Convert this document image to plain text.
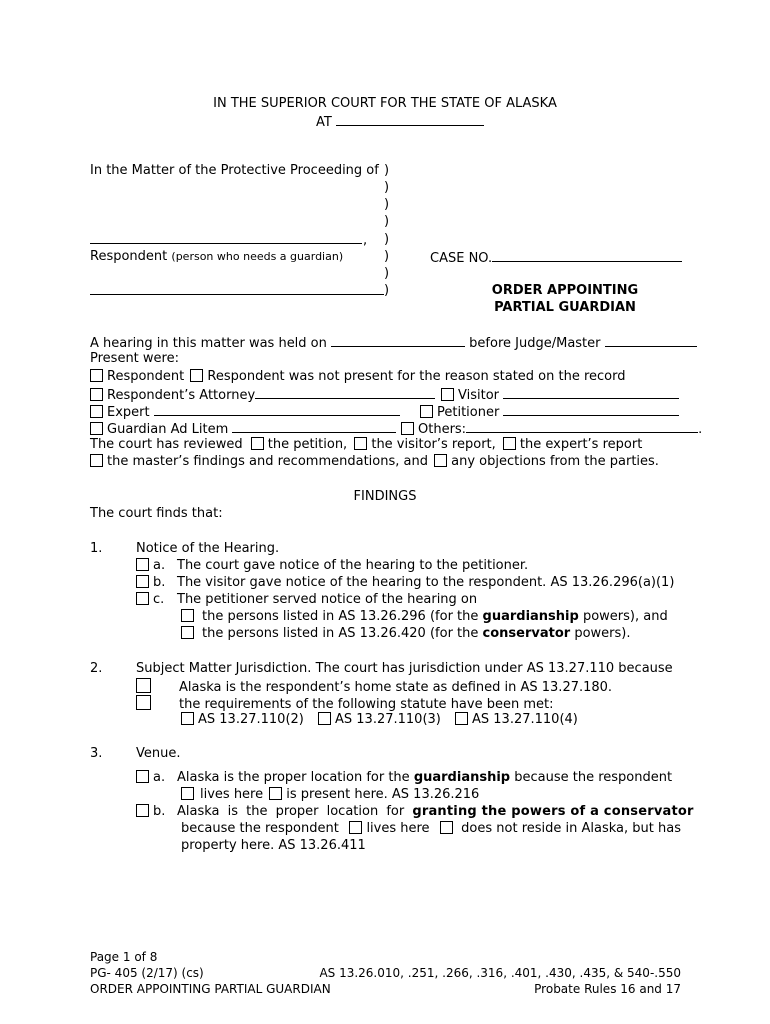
IN THE SUPERIOR COURT FOR THE STATE OF ALASKA
AT
In the Matter of the Protective Proceeding of
,
Respondent (person who needs a guardian)
)
)
)
)
)
)
)
)
CASE NO.
ORDER APPOINTING
PARTIAL GUARDIAN
A hearing in this matter was held on	before Judge/Master
Present were:
Respondent Respondent was not present for the reason stated on the record
Respondent’s Attorney	Visitor
Expert	Petitioner
Guardian Ad Litem	Others:	.
The court has reviewed the petition, the visitor’s report, the expert’s report
the master’s findings and recommendations, and any objections from the parties.
FINDINGS
The court finds that:
1.	Notice of the Hearing.
a. The court gave notice of the hearing to the petitioner.
b. The visitor gave notice of the hearing to the respondent. AS 13.26.296(a)(1)
c. The petitioner served notice of the hearing on
the persons listed in AS 13.26.296 (for the guardianship powers), and
the persons listed in AS 13.26.420 (for the conservator powers).
2.	Subject Matter Jurisdiction. The court has jurisdiction under AS 13.27.110 because
Alaska is the respondent’s home state as defined in AS 13.27.180.
the requirements of the following statute have been met:
AS 13.27.110(2) AS 13.27.110(3) AS 13.27.110(4)
3.	Venue.
a. Alaska is the proper location for the guardianship because the respondent
lives here is present here. AS 13.26.216
b. Alaska is the proper location for granting the powers of a conservator
because the respondent	lives here	does not reside in Alaska, but has
property here. AS 13.26.411
Page 1 of 8
PG- 405 (2/17) (cs)
ORDER APPOINTING PARTIAL GUARDIAN
AS 13.26.010, .251, .266, .316, .401, .430, .435, & 540-.550
Probate Rules 16 and 17
